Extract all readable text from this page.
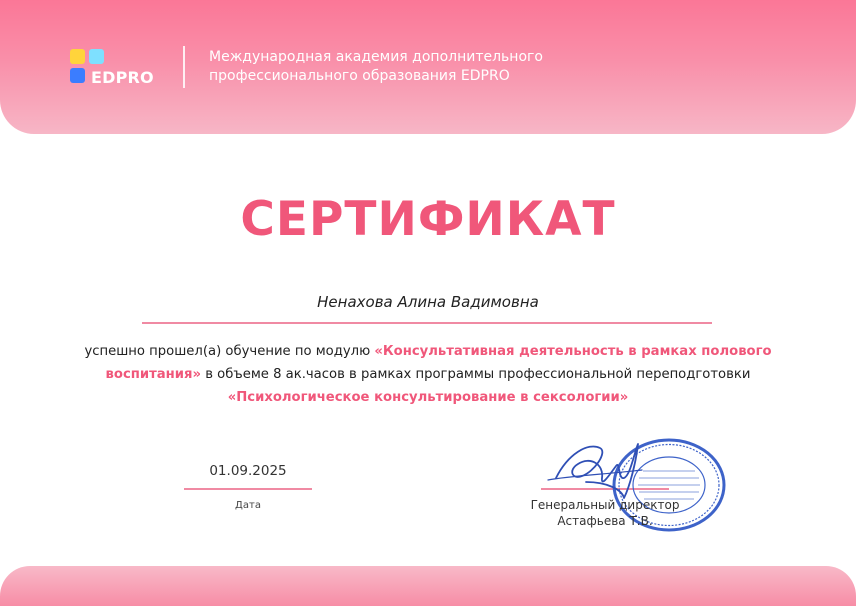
EDPRO
Международная академия дополнительного
профессионального образования EDPRO
СЕРТИФИКАТ
Ненахова Алина Вадимовна
успешно прошел(а) обучение по модулю «Консультативная деятельность в рамках полового воспитания» в объеме 8 ак.часов в рамках программы профессиональной переподготовки «Психологическое консультирование в сексологии»
01.09.2025
Дата	Генеральный директор
Астафьева Т.В.
